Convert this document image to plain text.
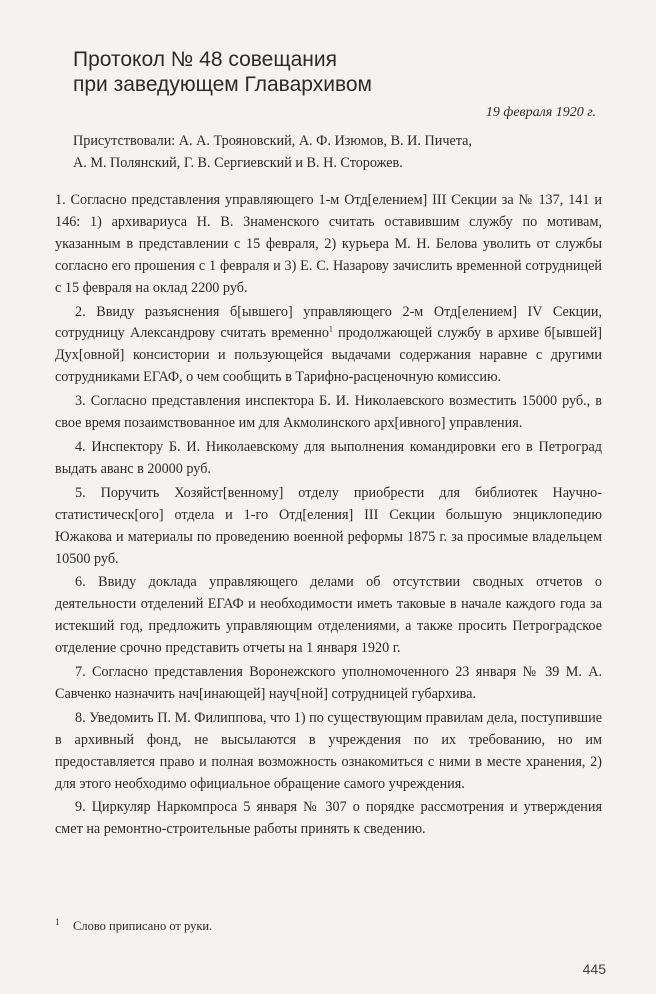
Протокол № 48 совещания
при заведующем Главархивом
19 февраля 1920 г.
Присутствовали: А. А. Трояновский, А. Ф. Изюмов, В. И. Пичета,
А. М. Полянский, Г. В. Сергиевский и В. Н. Сторожев.

1. Согласно представления управляющего 1-м Отд[елением] III Секции за № 137, 141 и 146: 1) архивариуса Н. В. Знаменского считать оставившим службу по мотивам, указанным в представлении с 15 февраля, 2) курьера М. Н. Белова уволить от службы согласно его прошения с 1 февраля и 3) Е. С. Назарову зачислить временной сотрудницей с 15 февраля на оклад 2200 руб.

2. Ввиду разъяснения б[ывшего] управляющего 2-м Отд[елением] IV Секции, сотрудницу Александрову считать временно$^1$ продолжающей службу в архиве б[ывшей] Дух[овной] консистории и пользующейся выдачами содержания наравне с другими сотрудниками ЕГАФ, о чем сообщить в Тарифно-расценочную комиссию.

3. Согласно представления инспектора Б. И. Николаевского возместить 15000 руб., в свое время позаимствованное им для Акмолинского арх[ивного] управления.

4. Инспектору Б. И. Николаевскому для выполнения командировки его в Петроград выдать аванс в 20000 руб.

5. Поручить Хозяйст[венному] отделу приобрести для библиотек Научно-статистическ[ого] отдела и 1-го Отд[еления] III Секции большую энциклопедию Южакова и материалы по проведению военной реформы 1875 г. за просимые владельцем 10500 руб.

6. Ввиду доклада управляющего делами об отсутствии сводных отчетов о деятельности отделений ЕГАФ и необходимости иметь таковые в начале каждого года за истекший год, предложить управляющим отделениями, а также просить Петроградское отделение срочно представить отчеты на 1 января 1920 г.

7. Согласно представления Воронежского уполномоченного 23 января № 39 М. А. Савченко назначить нач[инающей] науч[ной] сотрудницей губархива.

8. Уведомить П. М. Филиппова, что 1) по существующим правилам дела, поступившие в архивный фонд, не высылаются в учреждения по их требованию, но им предоставляется право и полная возможность ознакомиться с ними в месте хранения, 2) для этого необходимо официальное обращение самого учреждения.

9. Циркуляр Наркомпроса 5 января № 307 о порядке рассмотрения и утверждения смет на ремонтно-строительные работы принять к сведению.

1 Слово приписано от руки.
445
